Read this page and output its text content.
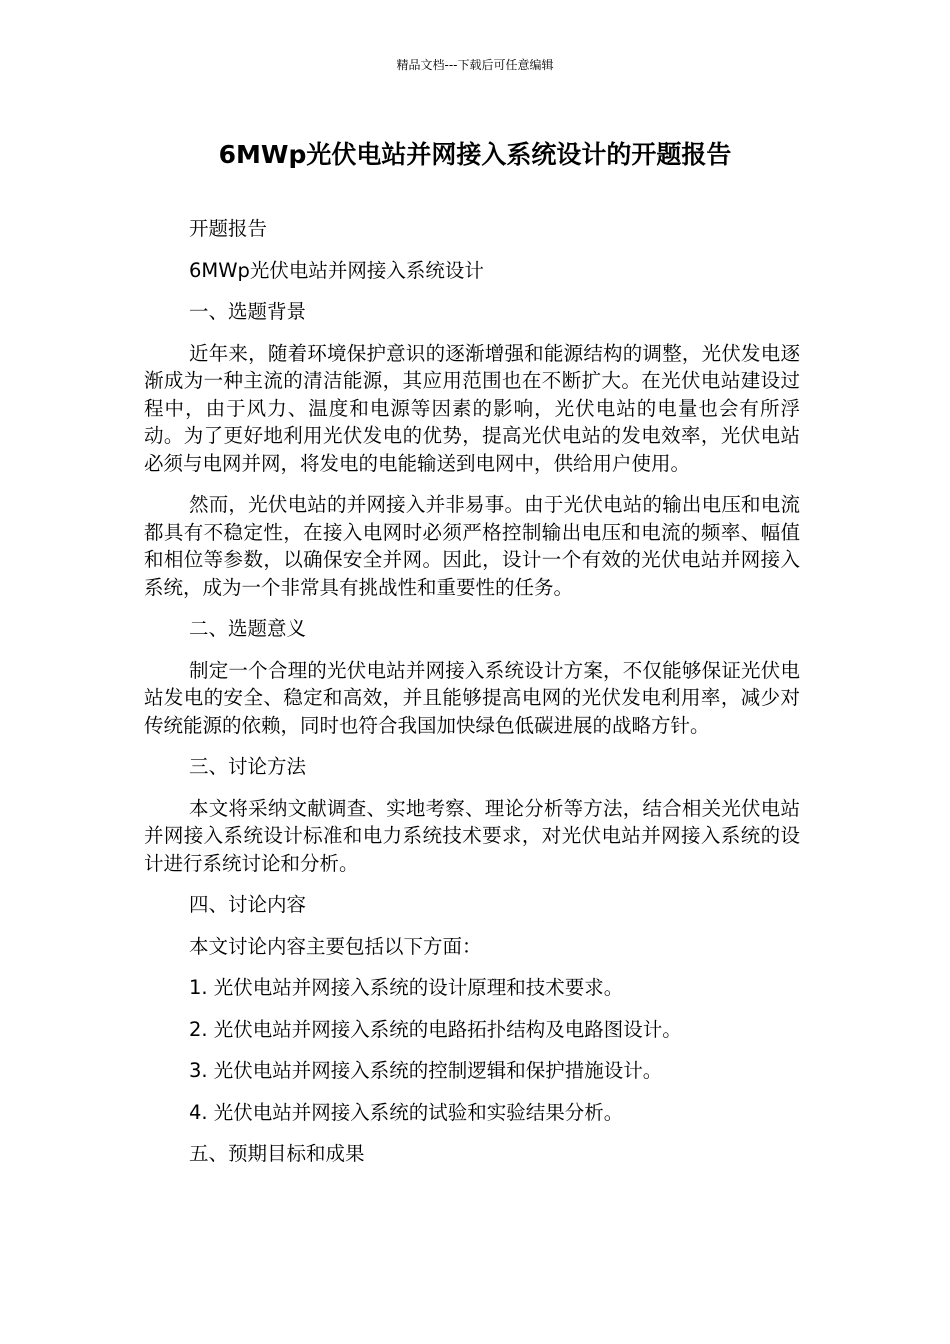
精品文档---下载后可任意编辑
6MWp光伏电站并网接入系统设计的开题报告

开题报告

6MWp光伏电站并网接入系统设计

一、选题背景

近年来，随着环境保护意识的逐渐增强和能源结构的调整，光伏发电逐渐成为一种主流的清洁能源，其应用范围也在不断扩大。在光伏电站建设过程中，由于风力、温度和电源等因素的影响，光伏电站的电量也会有所浮动。为了更好地利用光伏发电的优势，提高光伏电站的发电效率，光伏电站必须与电网并网，将发电的电能输送到电网中，供给用户使用。

然而，光伏电站的并网接入并非易事。由于光伏电站的输出电压和电流都具有不稳定性，在接入电网时必须严格控制输出电压和电流的频率、幅值和相位等参数，以确保安全并网。因此，设计一个有效的光伏电站并网接入系统，成为一个非常具有挑战性和重要性的任务。

二、选题意义

制定一个合理的光伏电站并网接入系统设计方案，不仅能够保证光伏电站发电的安全、稳定和高效，并且能够提高电网的光伏发电利用率，减少对传统能源的依赖，同时也符合我国加快绿色低碳进展的战略方针。

三、讨论方法

本文将采纳文献调查、实地考察、理论分析等方法，结合相关光伏电站并网接入系统设计标准和电力系统技术要求，对光伏电站并网接入系统的设计进行系统讨论和分析。

四、讨论内容

本文讨论内容主要包括以下方面：

1. 光伏电站并网接入系统的设计原理和技术要求。

2. 光伏电站并网接入系统的电路拓扑结构及电路图设计。

3. 光伏电站并网接入系统的控制逻辑和保护措施设计。

4. 光伏电站并网接入系统的试验和实验结果分析。

五、预期目标和成果
